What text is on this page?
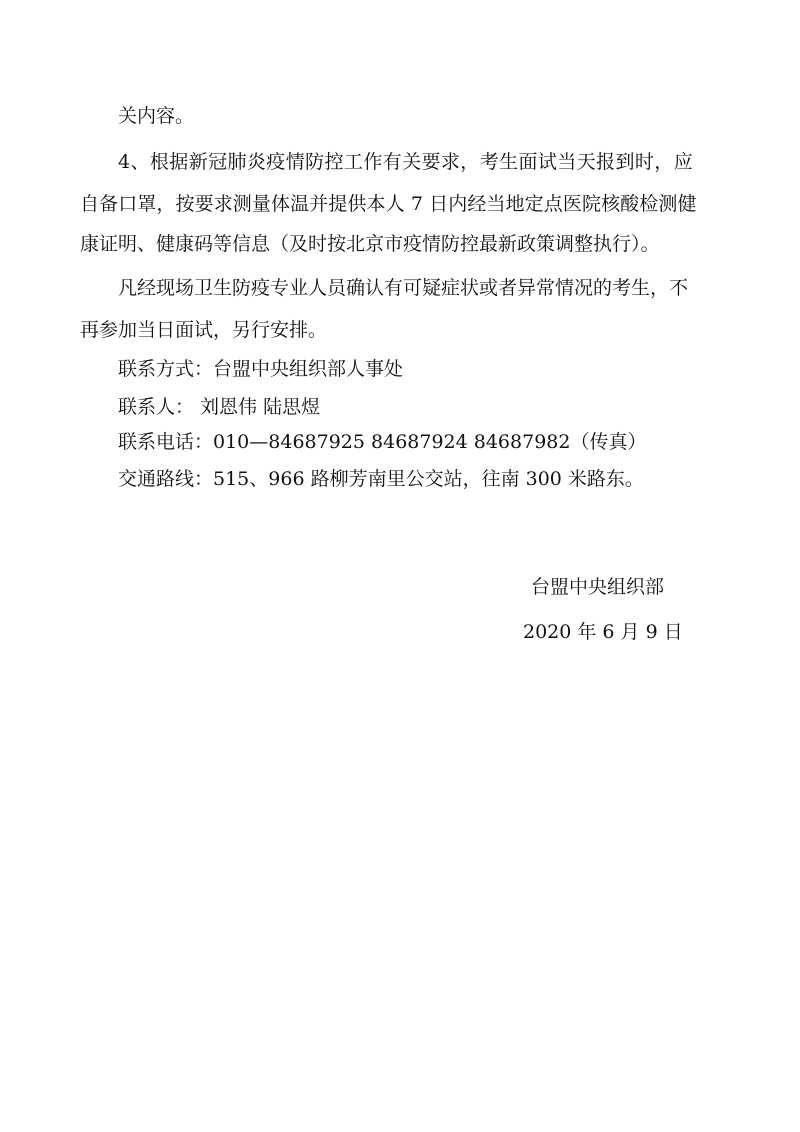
关内容。

4、根据新冠肺炎疫情防控工作有关要求，考生面试当天报到时，应

自备口罩，按要求测量体温并提供本人 7 日内经当地定点医院核酸检测健

康证明、健康码等信息（及时按北京市疫情防控最新政策调整执行）。

凡经现场卫生防疫专业人员确认有可疑症状或者异常情况的考生，不

再参加当日面试，另行安排。

联系方式：台盟中央组织部人事处

联系人： 刘恩伟 陆思煜

联系电话：010—84687925 84687924 84687982（传真）

交通路线：515、966 路柳芳南里公交站，往南 300 米路东。

台盟中央组织部

2020 年 6 月 9 日
